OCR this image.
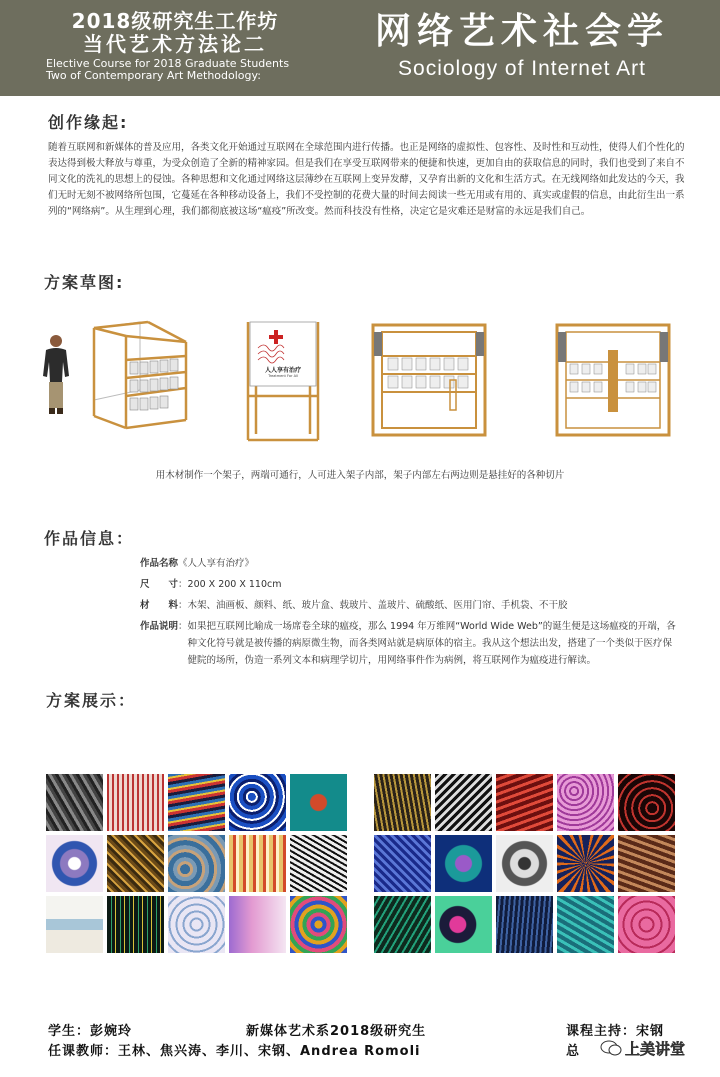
2018级研究生工作坊
当代艺术方法论二
Elective Course for 2018 Graduate Students
Two of Contemporary Art Methodology:
网络艺术社会学
Sociology of Internet Art
创作缘起:
随着互联网和新媒体的普及应用，各类文化开始通过互联网在全球范围内进行传播。也正是网络的虚拟性、包容性、及时性和互动性，使得人们个性化的表达得到极大释放与尊重，为受众创造了全新的精神家园。但是我们在享受互联网带来的便捷和快速，更加自由的获取信息的同时，我们也受到了来自不同文化的洗礼的思想上的侵蚀。各种思想和文化通过网络这层薄纱在互联网上变异发酵，又孕育出新的文化和生活方式。在无线网络如此发达的今天，我们无时无刻不被网络所包围，它蔓延在各种移动设备上，我们不受控制的花费大量的时间去阅读一些无用或有用的、真实或虚假的信息，由此衍生出一系列的“网络病”。从生理到心理，我们都彻底被这场“瘟疫”所改变。然而科技没有性格，决定它是灾难还是财富的永远是我们自己。
方案草图:
人人享有治疗
Treatment For All
用木材制作一个架子，两端可通行，人可进入架子内部，架子内部左右两边则是悬挂好的各种切片
作品信息：
作品名称 《人人享有治疗》
尺　　寸 ： 200 X 200 X 110cm
材　　料 ： 木架、油画板、颜料、纸、玻片盒、载玻片、盖玻片、硫酸纸、医用门帘、手机袋、不干胶
作品说明 ： 如果把互联网比喻成一场席卷全球的瘟疫，那么 1994 年万维网“World Wide Web”的诞生便是这场瘟疫的开端，各种文化符号就是被传播的病原微生物，而各类网站就是病原体的宿主。我从这个想法出发，搭建了一个类似于医疗保健院的场所，伪造一系列文本和病理学切片，用网络事件作为病例，将互联网作为瘟疫进行解读。
方案展示：
学生：彭婉玲	新媒体艺术系2018级研究生	课程主持：宋钢
任课教师：王林、焦兴涛、李川、宋钢、Andrea Romoli	总	上美讲堂
